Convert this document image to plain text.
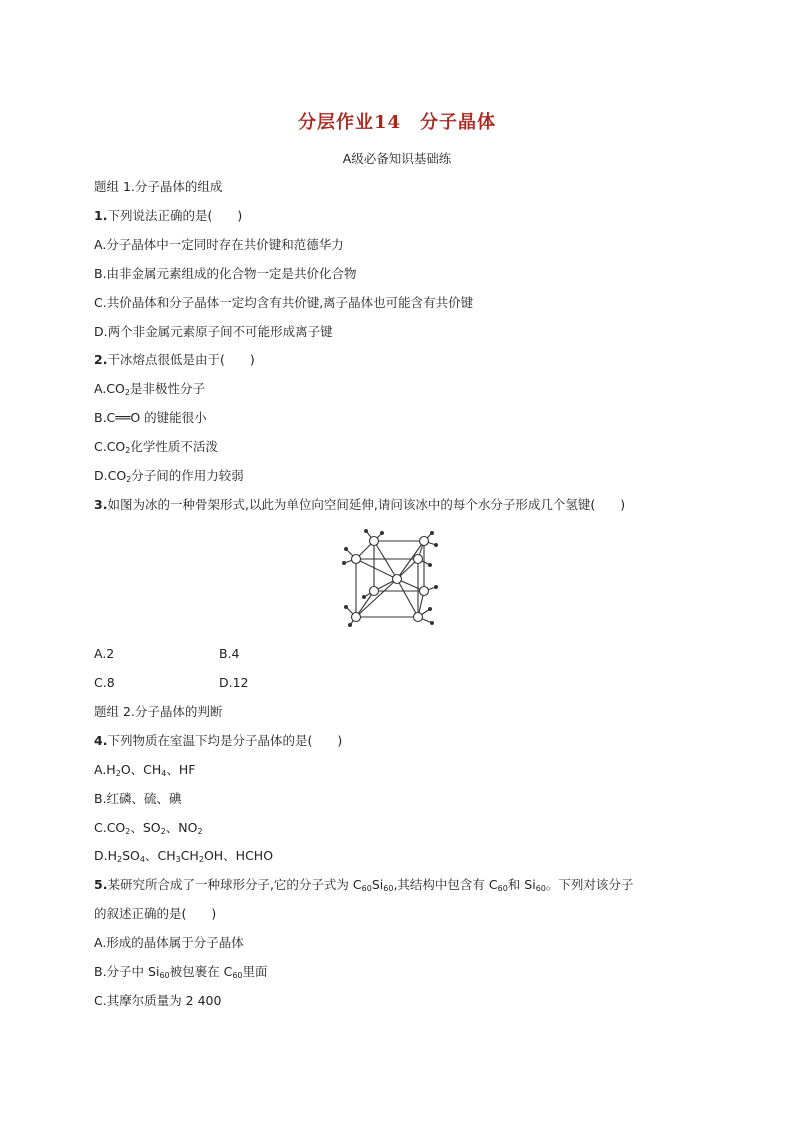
分层作业14　分子晶体
A级必备知识基础练
题组 1.分子晶体的组成
1.下列说法正确的是(　　)
A.分子晶体中一定同时存在共价键和范德华力
B.由非金属元素组成的化合物一定是共价化合物
C.共价晶体和分子晶体一定均含有共价键,离子晶体也可能含有共价键
D.两个非金属元素原子间不可能形成离子键
2.干冰熔点很低是由于(　　)
$A.CO_2$是非极性分子
B.C══O 的键能很小
$C.CO_2$化学性质不活泼
$D.CO_2$分子间的作用力较弱
3.如图为冰的一种骨架形式,以此为单位向空间延伸,请问该冰中的每个水分子形成几个氢键(　　)
A.2	B.4
C.8	D.12
题组 2.分子晶体的判断
4.下列物质在室温下均是分子晶体的是(　　)
$A.H_2O$、$CH_4$、HF
B.红磷、硫、碘
$C.CO_2$、$SO_2$、$NO_2$
$D.H_2SO_4$、$CH_3CH_2OH$、HCHO
5.某研究所合成了一种球形分子,它的分子式为 $C_{60}Si_{60}$,其结构中包含有 $C_{60}$和 $Si_{60}$。下列对该分子
的叙述正确的是(　　)
A.形成的晶体属于分子晶体
B.分子中 $Si_{60}$被包裹在 $C_{60}$里面
C.其摩尔质量为 2 400
